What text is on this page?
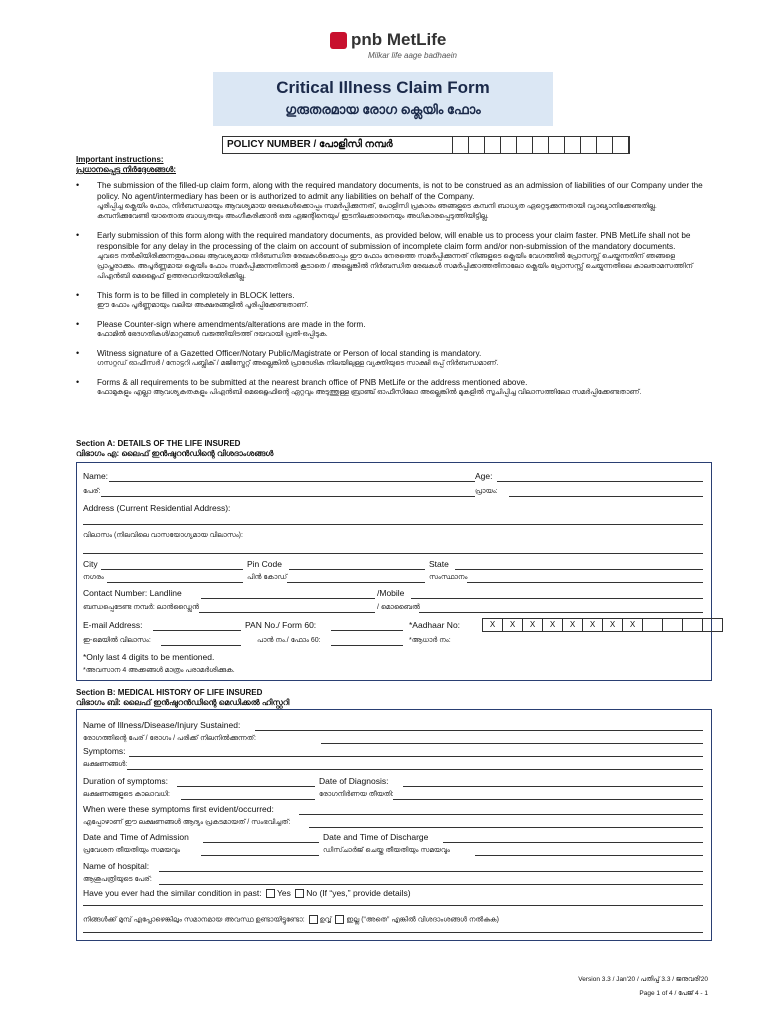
pnb MetLife
Milkar life aage badhaein
Critical Illness Claim Form
ഗുരുതരമായ രോഗ ക്ലെയിം ഫോം
POLICY NUMBER / പോളിസി നമ്പർ
Important instructions:
പ്രധാനപ്പെട്ട നിർദ്ദേശങ്ങൾ:
•	The submission of the filled-up claim form, along with the required mandatory documents, is not to be construed as an admission of liabilities of our Company under the policy. No agent/intermediary has been or is authorized to admit any liabilities on behalf of the Company.
പൂരിപ്പിച്ച ക്ലെയിം ഫോം, നിർബന്ധമായും ആവശ്യമായ രേഖകൾക്കൊപ്പം സമർപ്പിക്കുന്നത്, പോളിസി പ്രകാരം ഞങ്ങളുടെ കമ്പനി ബാധ്യത ഏറ്റെടുക്കുന്നതായി വ്യാഖ്യാനിക്കേണ്ടതില്ല. കമ്പനിക്കുവേണ്ടി യാതൊരു ബാധ്യതയും അംഗീകരിക്കാൻ ഒരു ഏജന്റിനെയും/ ഇടനിലക്കാരനെയും അധികാരപ്പെടുത്തിയിട്ടില്ല.
•	Early submission of this form along with the required mandatory documents, as provided below, will enable us to process your claim faster. PNB MetLife shall not be responsible for any delay in the processing of the claim on account of submission of incomplete claim form and/or non-submission of the mandatory documents.
ചുവടെ നൽകിയിരിക്കുന്നതുപോലെ ആവശ്യമായ നിർബന്ധിത രേഖകൾക്കൊപ്പം ഈ ഫോം നേരത്തെ സമർപ്പിക്കുന്നത് നിങ്ങളുടെ ക്ലെയിം വേഗത്തിൽ പ്രോസസ്സ് ചെയ്യുന്നതിന് ഞങ്ങളെ പ്രാപ്തരാക്കും. അപൂർണ്ണമായ ക്ലെയിം ഫോം സമർപ്പിക്കുന്നതിനാൽ കൂടാതെ / അല്ലെങ്കിൽ നിർബന്ധിത രേഖകൾ സമർപ്പിക്കാത്തതിനാലോ ക്ലെയിം പ്രോസസ്സ് ചെയ്യുന്നതിലെ കാലതാമസത്തിന് പിഎൻബി മെറ്റ്ലൈഫ് ഉത്തരവാദിയായിരിക്കില്ല.
•	This form is to be filled in completely in BLOCK letters.
ഈ ഫോം പൂർണ്ണമായും വലിയ അക്ഷരങ്ങളിൽ പൂരിപ്പിക്കേണ്ടതാണ്.
•	Please Counter-sign where amendments/alterations are made in the form.
ഫോമിൽ ഭേദഗതികൾ/മാറ്റങ്ങൾ വരുത്തിയിടത്ത് ദയവായി പ്രതി-ഒപ്പിടുക.
•	Witness signature of a Gazetted Officer/Notary Public/Magistrate or Person of local standing is mandatory.
ഗസറ്റഡ് ഓഫീസർ / നോട്ടറി പബ്ലിക് / മജിസ്ട്രേറ്റ് അല്ലെങ്കിൽ പ്രാദേശിക നിലയിലുള്ള വ്യക്തിയുടെ സാക്ഷി ഒപ്പ് നിർബന്ധമാണ്.
•	Forms & all requirements to be submitted at the nearest branch office of PNB MetLife or the address mentioned above.
ഫോമുകളും എല്ലാ ആവശ്യകതകളും പിഎൻബി മെറ്റ്ലൈഫിന്റെ ഏറ്റവും അടുത്തുള്ള ബ്രാഞ്ച് ഓഫീസിലോ അല്ലെങ്കിൽ മുകളിൽ സൂചിപ്പിച്ച വിലാസത്തിലോ സമർപ്പിക്കേണ്ടതാണ്.
Section A: DETAILS OF THE LIFE INSURED
വിഭാഗം എ: ലൈഫ് ഇൻഷുറൻഡിന്റെ വിശദാംശങ്ങൾ
Name:	Age:
പേര്:	പ്രായം:
Address (Current Residential Address):
വിലാസം (നിലവിലെ വാസയോഗ്യമായ വിലാസം):
City	Pin Code	State
നഗരം	പിൻ കോഡ്	സംസ്ഥാനം
Contact Number: Landline	/Mobile
ബന്ധപ്പെടേണ്ട നമ്പർ: ലാൻഡ്ലൈൻ	/ മൊബൈൽ
E-mail Address:	PAN No./ Form 60:	*Aadhaar No:	X	X	X	X	X	X	X	X
ഇ-മെയിൽ വിലാസം:	പാൻ നം./ ഫോം 60:	*ആധാർ നം:
*Only last 4 digits to be mentioned.
*അവസാന 4 അക്കങ്ങൾ മാത്രം പരാമർശിക്കുക.
Section B: MEDICAL HISTORY OF LIFE INSURED
വിഭാഗം ബി: ലൈഫ് ഇൻഷുറൻഡിന്റെ മെഡിക്കൽ ഹിസ്റ്ററി
Name of Illness/Disease/Injury Sustained:
രോഗത്തിന്റെ പേര് / രോഗം / പരിക്ക് നിലനിൽക്കുന്നത്:
Symptoms:
ലക്ഷണങ്ങൾ:
Duration of symptoms:	Date of Diagnosis:
ലക്ഷണങ്ങളുടെ കാലാവധി:	രോഗനിർണയ തീയതി:
When were these symptoms first evident/occurred:
എപ്പോഴാണ് ഈ ലക്ഷണങ്ങൾ ആദ്യം പ്രകടമായത് / സംഭവിച്ചത്:
Date and Time of Admission	Date and Time of Discharge
പ്രവേശന തീയതിയും സമയവും	ഡിസ്ചാർജ് ചെയ്ത തീയതിയും സമയവും
Name of hospital:
ആശുപത്രിയുടെ പേര്:
Have you ever had the similar condition in past: Yes No (If “yes,” provide details)
നിങ്ങൾക്ക് മുമ്പ് എപ്പോഴെങ്കിലും സമാനമായ അവസ്ഥ ഉണ്ടായിട്ടുണ്ടോ: ഉവ്വ് ഇല്ല (“അതെ” എങ്കിൽ വിശദാംശങ്ങൾ നൽകുക)
Version 3.3 / Jan'20 / പതിപ്പ് 3.3 / ജനുവരി'20
Page 1 of 4 / പേജ് 4 - 1
